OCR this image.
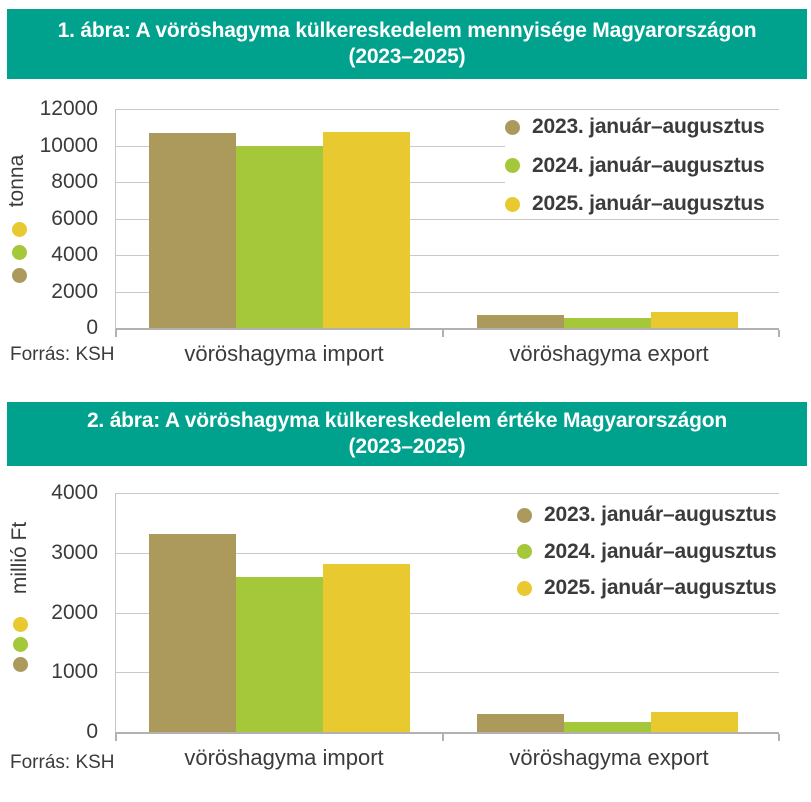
1. ábra: A vöröshagyma külkereskedelem mennyisége Magyarországon
(2023–2025)
tonna
Forrás: KSH
0
2000
4000
6000
8000
10000
12000
2023. január–augusztus
2024. január–augusztus
2025. január–augusztus
vöröshagyma import	vöröshagyma export
2. ábra: A vöröshagyma külkereskedelem értéke Magyarországon
(2023–2025)
millió Ft
Forrás: KSH
0
1000
2000
3000
4000
2023. január–augusztus
2024. január–augusztus
2025. január–augusztus
vöröshagyma import	vöröshagyma export
